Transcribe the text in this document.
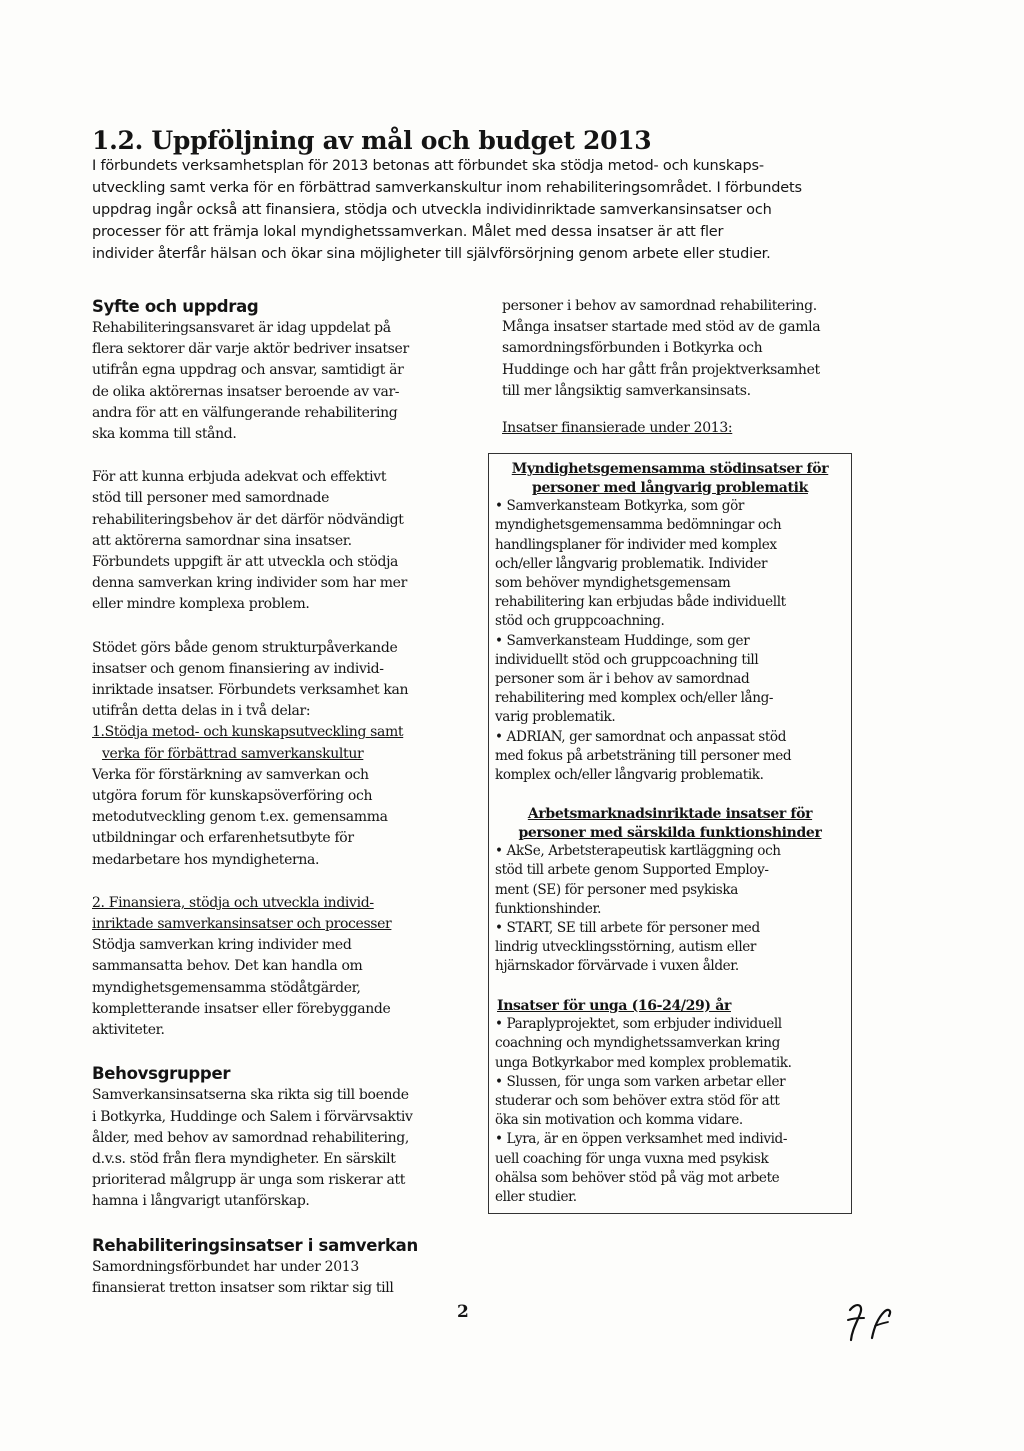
1.2. Uppföljning av mål och budget 2013
I förbundets verksamhetsplan för 2013 betonas att förbundet ska stödja metod- och kunskaps-
utveckling samt verka för en förbättrad samverkanskultur inom rehabiliteringsområdet. I förbundets
uppdrag ingår också att finansiera, stödja och utveckla individinriktade samverkansinsatser och
processer för att främja lokal myndighetssamverkan. Målet med dessa insatser är att fler
individer återfår hälsan och ökar sina möjligheter till självförsörjning genom arbete eller studier.
Syfte och uppdrag
Rehabiliteringsansvaret är idag uppdelat på
flera sektorer där varje aktör bedriver insatser
utifrån egna uppdrag och ansvar, samtidigt är
de olika aktörernas insatser beroende av var-
andra för att en välfungerande rehabilitering
ska komma till stånd.
För att kunna erbjuda adekvat och effektivt
stöd till personer med samordnade
rehabiliteringsbehov är det därför nödvändigt
att aktörerna samordnar sina insatser.
Förbundets uppgift är att utveckla och stödja
denna samverkan kring individer som har mer
eller mindre komplexa problem.
Stödet görs både genom strukturpåverkande
insatser och genom finansiering av individ-
inriktade insatser. Förbundets verksamhet kan
utifrån detta delas in i två delar:
1.Stödja metod- och kunskapsutveckling samt
verka för förbättrad samverkanskultur
Verka för förstärkning av samverkan och
utgöra forum för kunskapsöverföring och
metodutveckling genom t.ex. gemensamma
utbildningar och erfarenhetsutbyte för
medarbetare hos myndigheterna.
2. Finansiera, stödja och utveckla individ-
inriktade samverkansinsatser och processer
Stödja samverkan kring individer med
sammansatta behov. Det kan handla om
myndighetsgemensamma stödåtgärder,
kompletterande insatser eller förebyggande
aktiviteter.
Behovsgrupper
Samverkansinsatserna ska rikta sig till boende
i Botkyrka, Huddinge och Salem i förvärvsaktiv
ålder, med behov av samordnad rehabilitering,
d.v.s. stöd från flera myndigheter. En särskilt
prioriterad målgrupp är unga som riskerar att
hamna i långvarigt utanförskap.
Rehabiliteringsinsatser i samverkan
Samordningsförbundet har under 2013
finansierat tretton insatser som riktar sig till
personer i behov av samordnad rehabilitering.
Många insatser startade med stöd av de gamla
samordningsförbunden i Botkyrka och
Huddinge och har gått från projektverksamhet
till mer långsiktig samverkansinsats.
Insatser finansierade under 2013:
Myndighetsgemensamma stödinsatser för
personer med långvarig problematik
• Samverkansteam Botkyrka, som gör
myndighetsgemensamma bedömningar och
handlingsplaner för individer med komplex
och/eller långvarig problematik. Individer
som behöver myndighetsgemensam
rehabilitering kan erbjudas både individuellt
stöd och gruppcoachning.
• Samverkansteam Huddinge, som ger
individuellt stöd och gruppcoachning till
personer som är i behov av samordnad
rehabilitering med komplex och/eller lång-
varig problematik.
• ADRIAN, ger samordnat och anpassat stöd
med fokus på arbetsträning till personer med
komplex och/eller långvarig problematik.
Arbetsmarknadsinriktade insatser för
personer med särskilda funktionshinder
• AkSe, Arbetsterapeutisk kartläggning och
stöd till arbete genom Supported Employ-
ment (SE) för personer med psykiska
funktionshinder.
• START, SE till arbete för personer med
lindrig utvecklingsstörning, autism eller
hjärnskador förvärvade i vuxen ålder.
Insatser för unga (16-24/29) år
• Paraplyprojektet, som erbjuder individuell
coachning och myndighetssamverkan kring
unga Botkyrkabor med komplex problematik.
• Slussen, för unga som varken arbetar eller
studerar och som behöver extra stöd för att
öka sin motivation och komma vidare.
• Lyra, är en öppen verksamhet med individ-
uell coaching för unga vuxna med psykisk
ohälsa som behöver stöd på väg mot arbete
eller studier.
2
